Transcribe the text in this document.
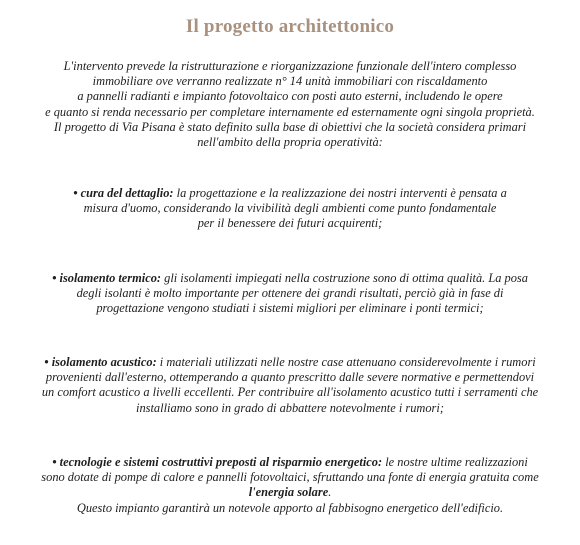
Il progetto architettonico
L'intervento prevede la ristrutturazione e riorganizzazione funzionale dell'intero complesso
immobiliare ove verranno realizzate n° 14 unità immobiliari con riscaldamento
a pannelli radianti e impianto fotovoltaico con posti auto esterni, includendo le opere
e quanto si renda necessario per completare internamente ed esternamente ogni singola proprietà.
Il progetto di Via Pisana è stato definito sulla base di obiettivi che la società considera primari
nell'ambito della propria operatività:
• cura del dettaglio: la progettazione e la realizzazione dei nostri interventi è pensata a
misura d'uomo, considerando la vivibilità degli ambienti come punto fondamentale
per il benessere dei futuri acquirenti;
• isolamento termico: gli isolamenti impiegati nella costruzione sono di ottima qualità. La posa
degli isolanti è molto importante per ottenere dei grandi risultati, perciò già in fase di
progettazione vengono studiati i sistemi migliori per eliminare i ponti termici;
• isolamento acustico: i materiali utilizzati nelle nostre case attenuano considerevolmente i rumori
provenienti dall'esterno, ottemperando a quanto prescritto dalle severe normative e permettendovi
un comfort acustico a livelli eccellenti. Per contribuire all'isolamento acustico tutti i serramenti che
installiamo sono in grado di abbattere notevolmente i rumori;
• tecnologie e sistemi costruttivi preposti al risparmio energetico: le nostre ultime realizzazioni
sono dotate di pompe di calore e pannelli fotovoltaici, sfruttando una fonte di energia gratuita come
l'energia solare.
Questo impianto garantirà un notevole apporto al fabbisogno energetico dell'edificio.
